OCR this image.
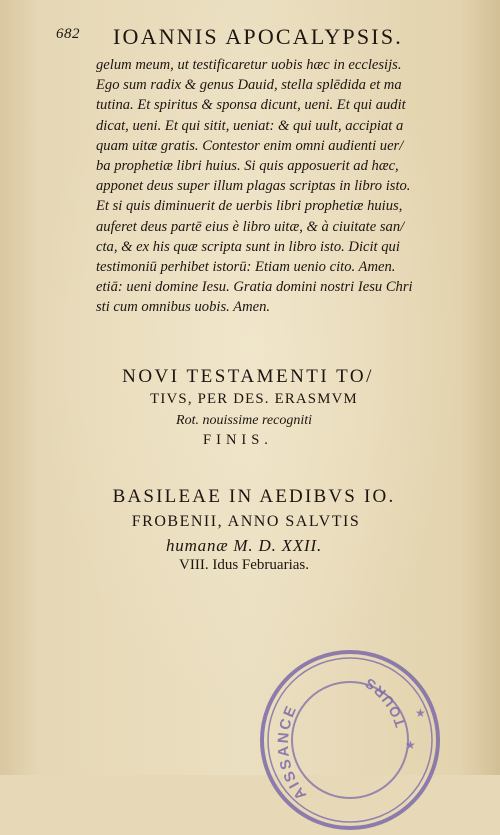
682 IOANNIS APOCALYPSIS.
gelum meum, ut testificaretur uobis hæc in ecclesijs.
Ego sum radix & genus Dauid, stella splēdida et ma
tutina. Et spiritus & sponsa dicunt, ueni. Et qui audit
dicat, ueni. Et qui sitit, ueniat: & qui uult, accipiat a
quam uitæ gratis. Contestor enim omni audienti uer/
ba prophetiæ libri huius. Si quis apposuerit ad hæc,
apponet deus super illum plagas scriptas in libro isto.
Et si quis diminuerit de uerbis libri prophetiæ huius,
auferet deus partē eius è libro uitæ, & à ciuitate san/
cta, & ex his quæ scripta sunt in libro isto. Dicit qui
testimoniū perhibet istorū: Etiam uenio cito. Amen.
etiā: ueni domine Iesu. Gratia domini nostri Iesu Chri
sti cum omnibus uobis. Amen.
NOVI TESTAMENTI TO/
TIVS, PER DES. ERASMVM
Rot. nouissime recogniti
FINIS.
BASILEAE IN AEDIBVS IO.
FROBENII, ANNO SALVTIS
humanæ M. D. XXII.
VIII. Idus Februarias.
AISSANCE
TOURS
★
★
